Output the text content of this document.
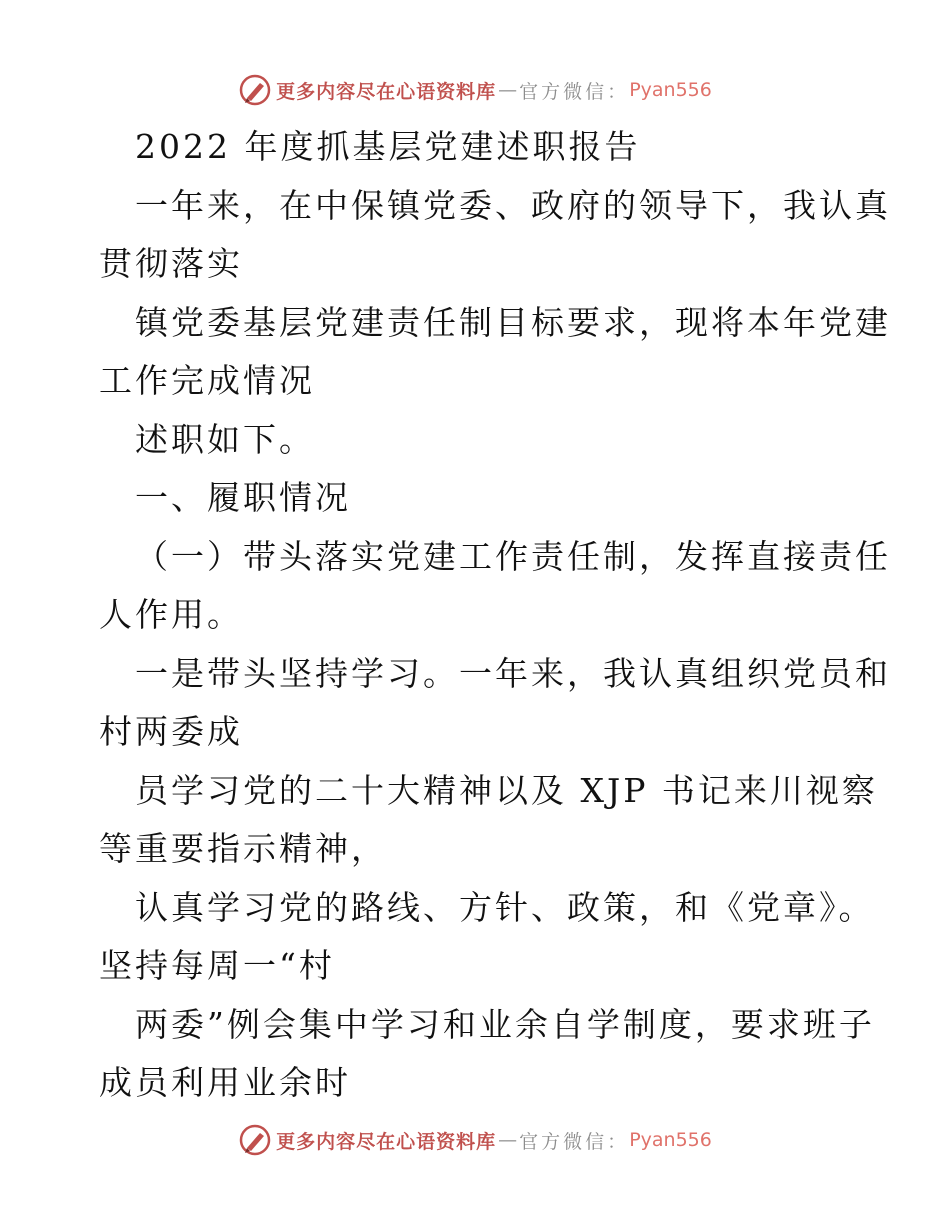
更多内容尽在心语资料库 — 官方微信： Pyan556
2022 年度抓基层党建述职报告
一年来，在中保镇党委、政府的领导下，我认真
贯彻落实
镇党委基层党建责任制目标要求，现将本年党建
工作完成情况
述职如下。
一、履职情况
（一）带头落实党建工作责任制，发挥直接责任
人作用。
一是带头坚持学习。一年来，我认真组织党员和
村两委成
员学习党的二十大精神以及 XJP 书记来川视察
等重要指示精神，
认真学习党的路线、方针、政策，和《党章》。
坚持每周一“村
两委”例会集中学习和业余自学制度，要求班子
成员利用业余时
更多内容尽在心语资料库 — 官方微信： Pyan556
